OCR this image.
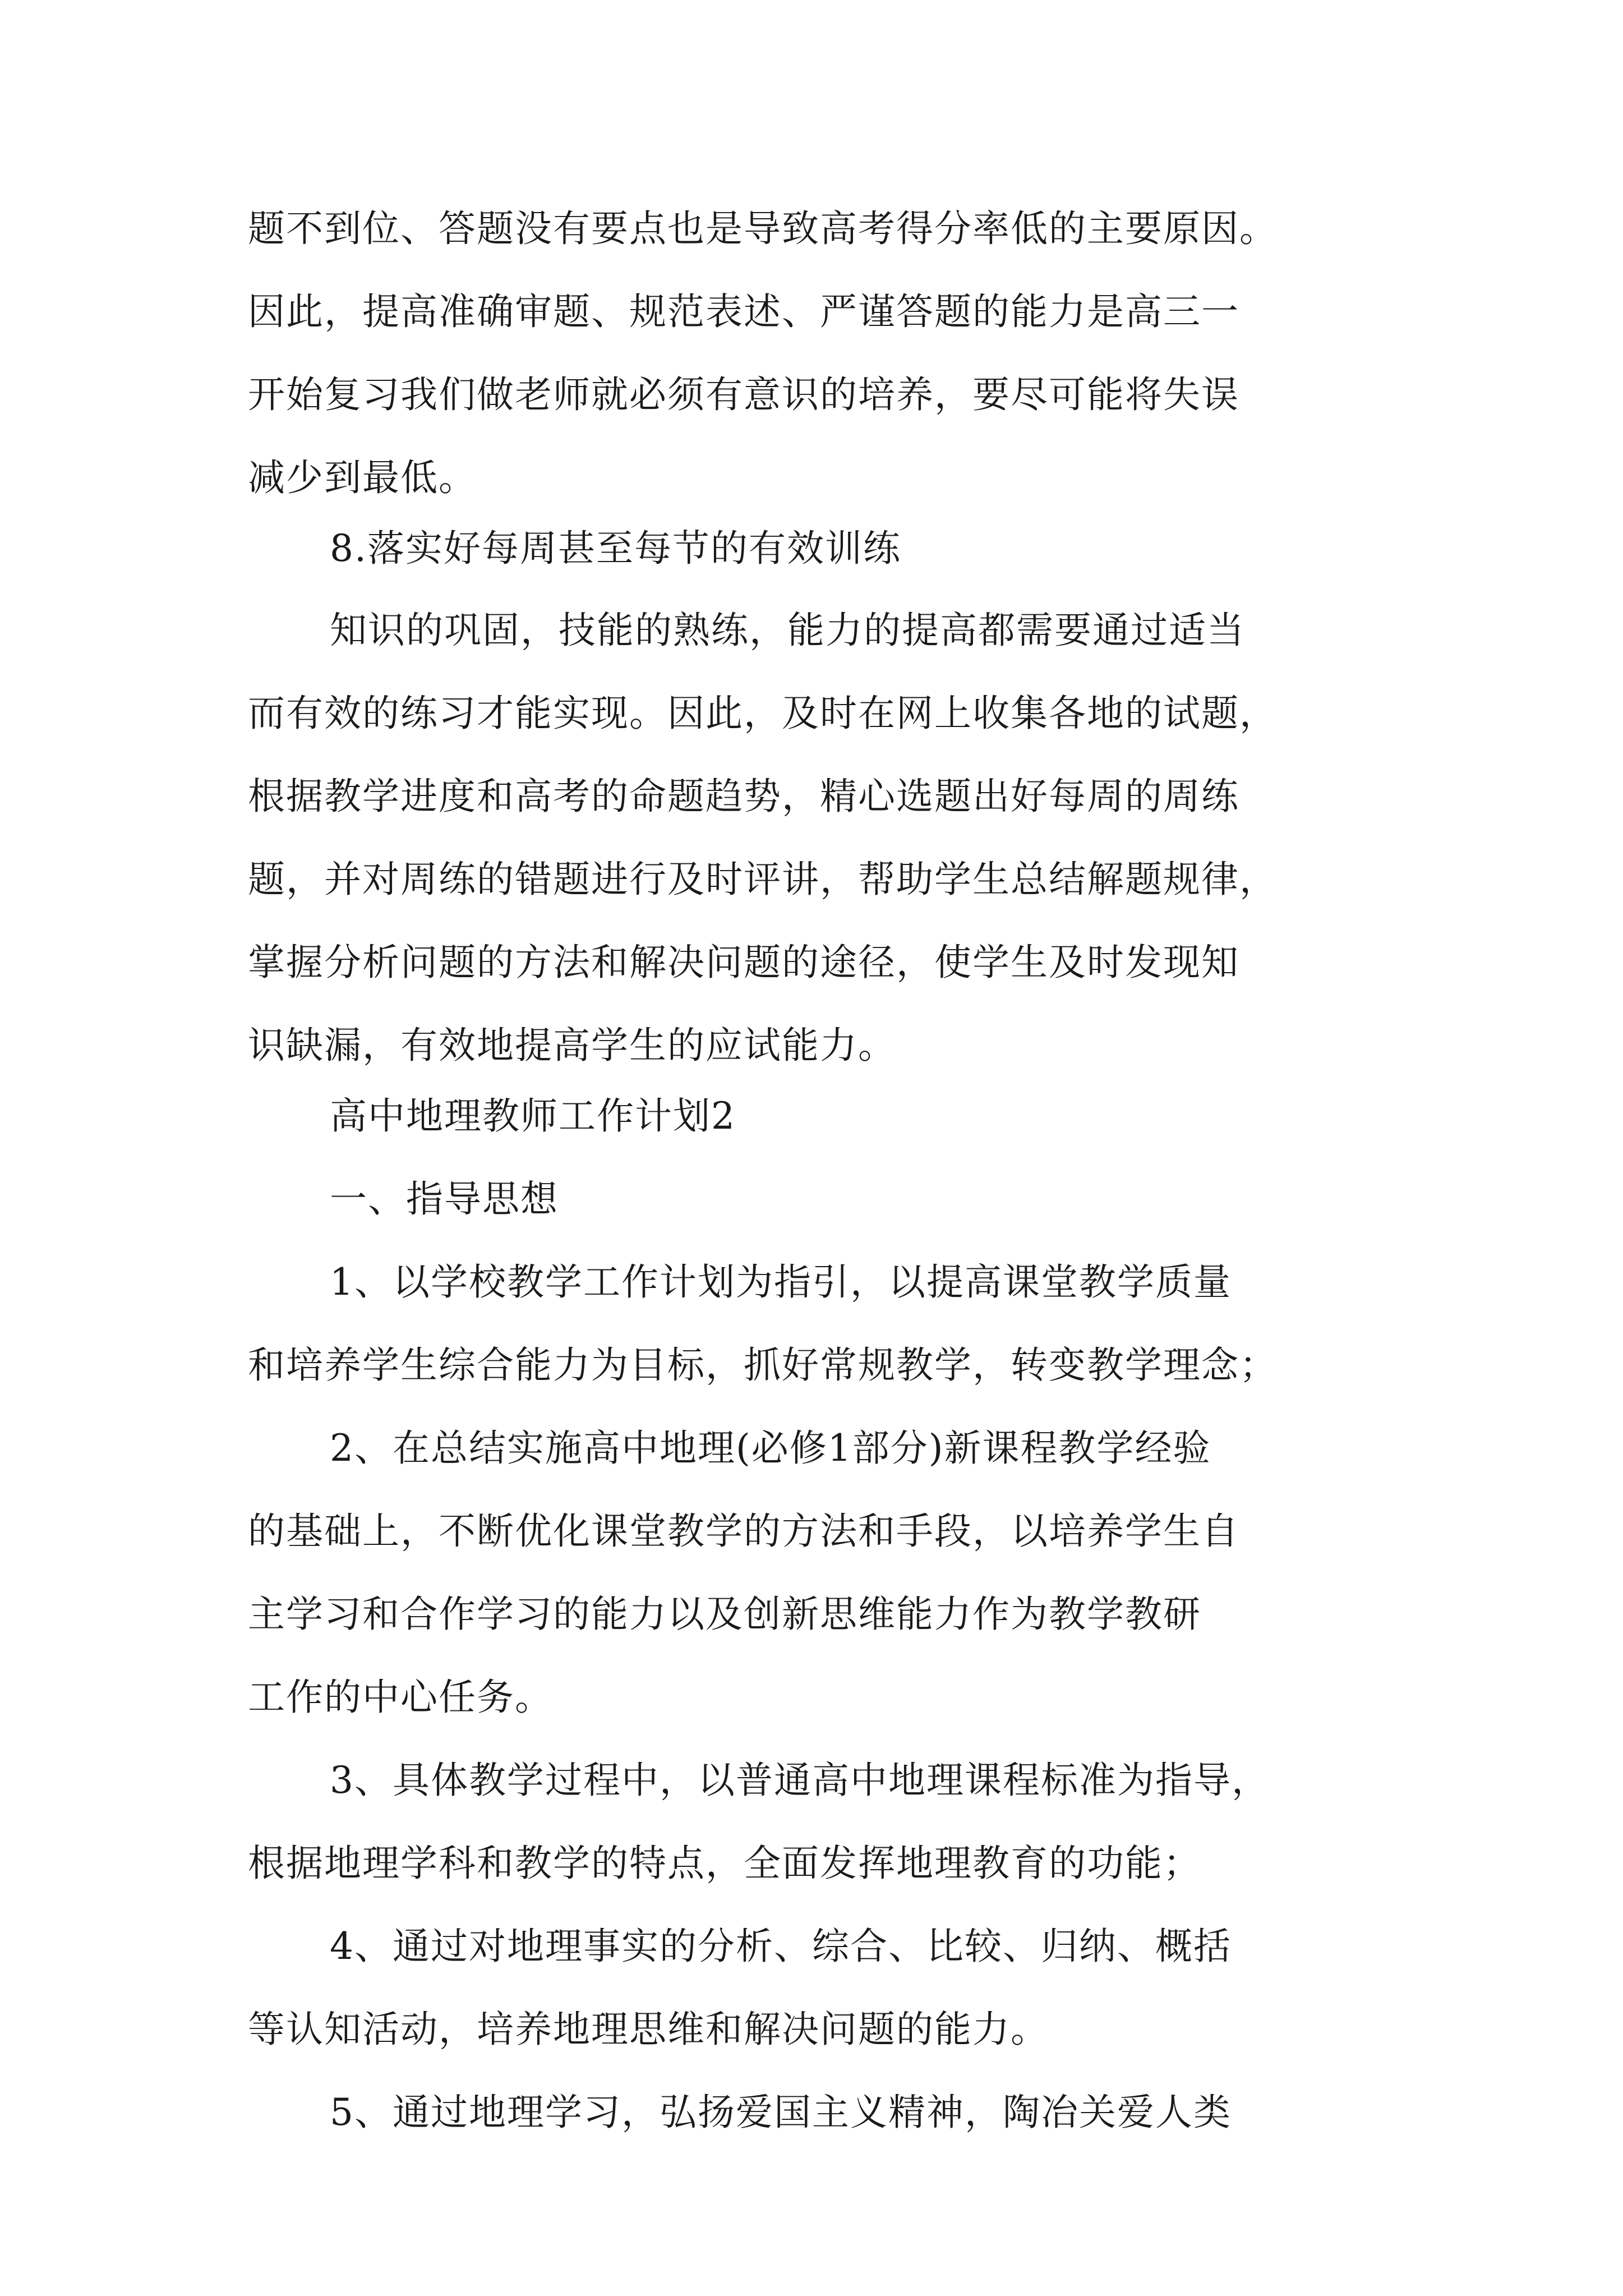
题不到位、答题没有要点也是导致高考得分率低的主要原因。
因此，提高准确审题、规范表述、严谨答题的能力是高三一
开始复习我们做老师就必须有意识的培养，要尽可能将失误
减少到最低。
8.落实好每周甚至每节的有效训练
知识的巩固，技能的熟练，能力的提高都需要通过适当
而有效的练习才能实现。因此，及时在网上收集各地的试题，
根据教学进度和高考的命题趋势，精心选题出好每周的周练
题，并对周练的错题进行及时评讲，帮助学生总结解题规律，
掌握分析问题的方法和解决问题的途径，使学生及时发现知
识缺漏，有效地提高学生的应试能力。
高中地理教师工作计划2
一、指导思想
1、以学校教学工作计划为指引，以提高课堂教学质量
和培养学生综合能力为目标，抓好常规教学，转变教学理念；
2、在总结实施高中地理(必修1部分)新课程教学经验
的基础上，不断优化课堂教学的方法和手段，以培养学生自
主学习和合作学习的能力以及创新思维能力作为教学教研
工作的中心任务。
3、具体教学过程中，以普通高中地理课程标准为指导，
根据地理学科和教学的特点，全面发挥地理教育的功能；
4、通过对地理事实的分析、综合、比较、归纳、概括
等认知活动，培养地理思维和解决问题的能力。
5、通过地理学习，弘扬爱国主义精神，陶冶关爱人类
